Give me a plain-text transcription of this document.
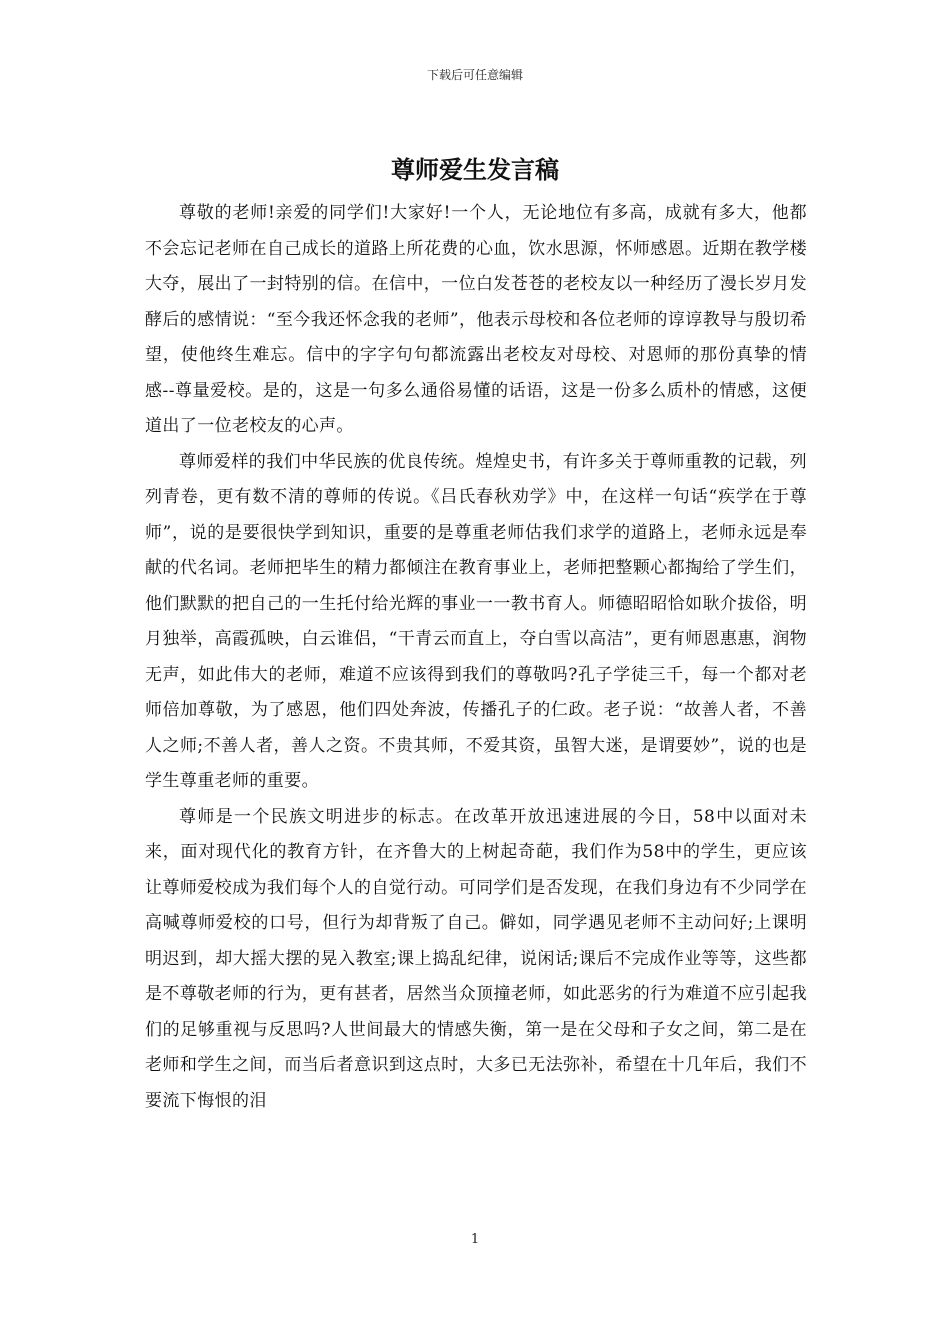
下载后可任意编辑
尊师爱生发言稿

尊敬的老师!亲爱的同学们!大家好!一个人，无论地位有多高，成就有多大，他都不会忘记老师在自己成长的道路上所花费的心血，饮水思源，怀师感恩。近期在教学楼大夺，展出了一封特别的信。在信中，一位白发苍苍的老校友以一种经历了漫长岁月发酵后的感情说：“至今我还怀念我的老师”，他表示母校和各位老师的谆谆教导与殷切希望，使他终生难忘。信中的字字句句都流露出老校友对母校、对恩师的那份真挚的情感--尊量爱校。是的，这是一句多么通俗易懂的话语，这是一份多么质朴的情感，这便道出了一位老校友的心声。

尊师爱样的我们中华民族的优良传统。煌煌史书，有许多关于尊师重教的记载，列列青卷，更有数不清的尊师的传说。《吕氏春秋劝学》中，在这样一句话“疾学在于尊师”，说的是要很快学到知识，重要的是尊重老师估我们求学的道路上，老师永远是奉献的代名词。老师把毕生的精力都倾注在教育事业上，老师把整颗心都掏给了学生们，他们默默的把自己的一生托付给光辉的事业一一教书育人。师德昭昭恰如耿介拔俗，明月独举，高霞孤映，白云谁侣，“干青云而直上，夺白雪以高洁”，更有师恩惠惠，润物无声，如此伟大的老师，难道不应该得到我们的尊敬吗?孔子学徒三千，每一个都对老师倍加尊敬，为了感恩，他们四处奔波，传播孔子的仁政。老子说：“故善人者，不善人之师;不善人者，善人之资。不贵其师，不爱其资，虽智大迷，是谓要妙”，说的也是学生尊重老师的重要。

尊师是一个民族文明进步的标志。在改革开放迅速进展的今日，58中以面对未来，面对现代化的教育方针，在齐鲁大的上树起奇葩，我们作为58中的学生，更应该让尊师爱校成为我们每个人的自觉行动。可同学们是否发现，在我们身边有不少同学在高喊尊师爱校的口号，但行为却背叛了自己。僻如，同学遇见老师不主动问好;上课明明迟到，却大摇大摆的晃入教室;课上捣乱纪律，说闲话;课后不完成作业等等，这些都是不尊敬老师的行为，更有甚者，居然当众顶撞老师，如此恶劣的行为难道不应引起我们的足够重视与反思吗?人世间最大的情感失衡，第一是在父母和子女之间，第二是在老师和学生之间，而当后者意识到这点时，大多已无法弥补，希望在十几年后，我们不要流下悔恨的泪

1
